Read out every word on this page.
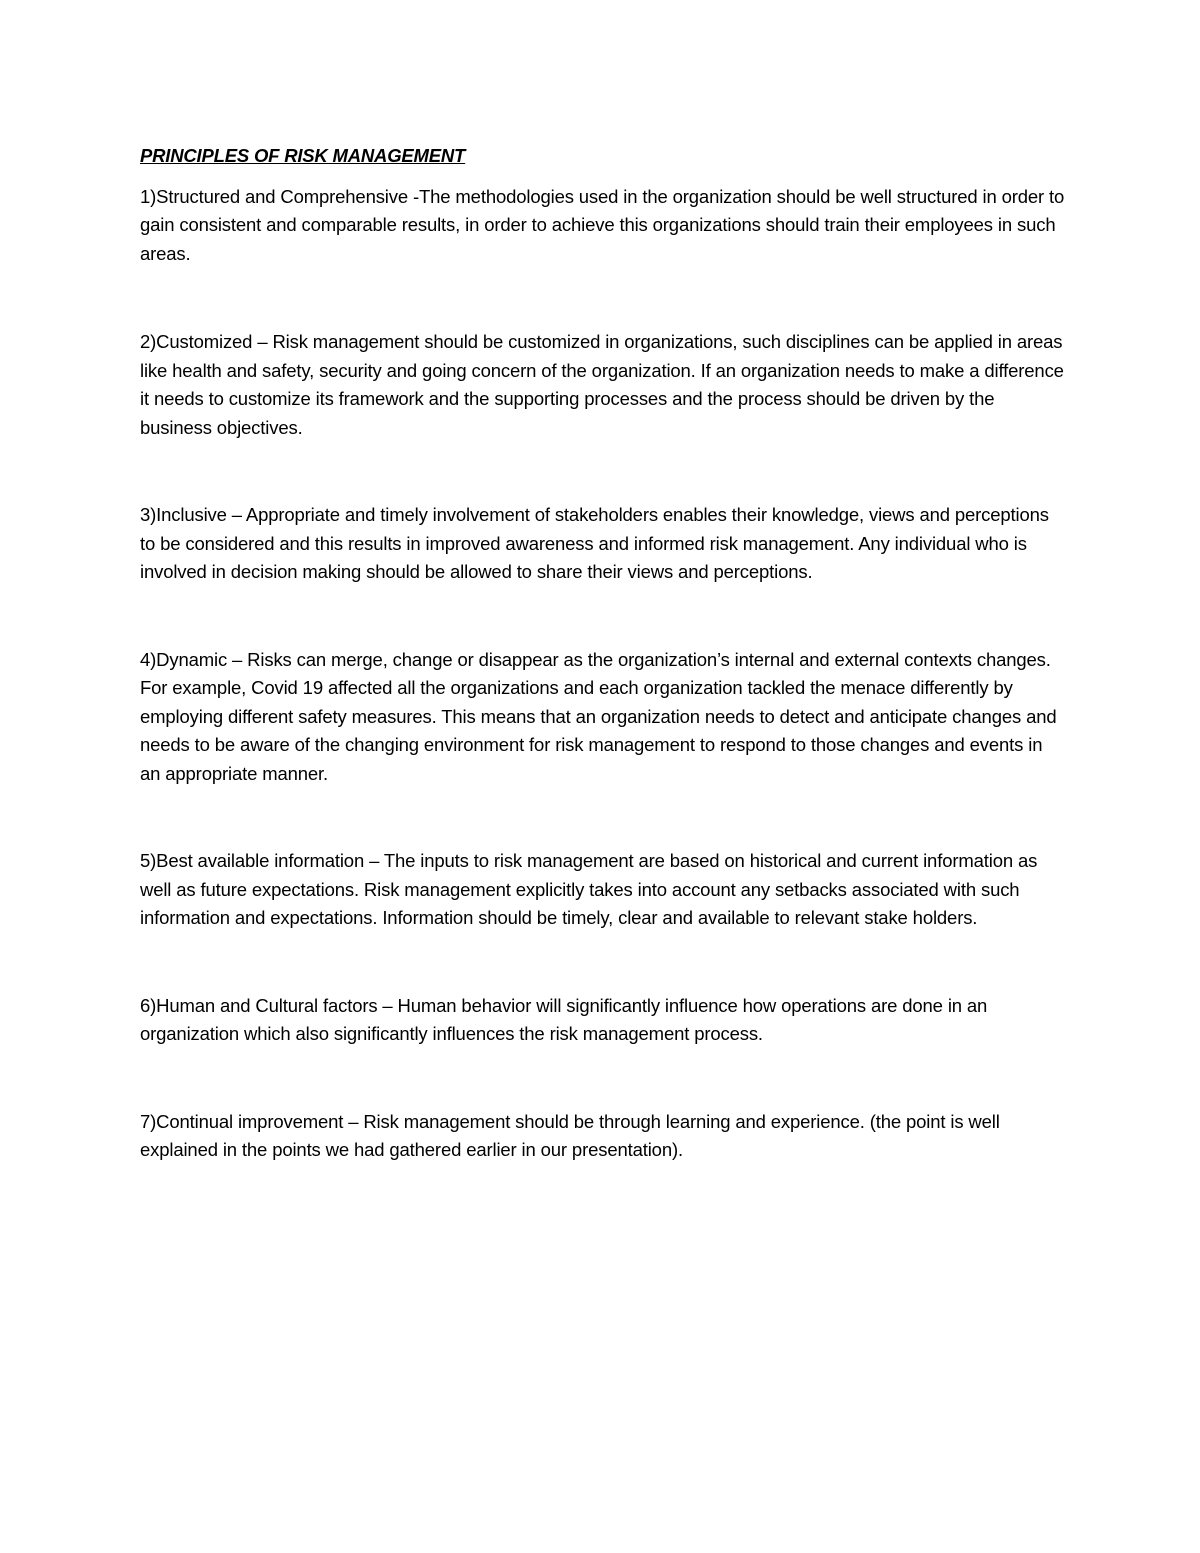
PRINCIPLES OF RISK MANAGEMENT

1)Structured and Comprehensive -The methodologies used in the organization should be well structured in order to gain consistent and comparable results, in order to achieve this organizations should train their employees in such areas.

2)Customized – Risk management should be customized in organizations, such disciplines can be applied in areas like health and safety, security and going concern of the organization. If an organization needs to make a difference it needs to customize its framework and the supporting processes and the process should be driven by the business objectives.

3)Inclusive – Appropriate and timely involvement of stakeholders enables their knowledge, views and perceptions to be considered and this results in improved awareness and informed risk management. Any individual who is involved in decision making should be allowed to share their views and perceptions.

4)Dynamic – Risks can merge, change or disappear as the organization’s internal and external contexts changes. For example, Covid 19 affected all the organizations and each organization tackled the menace differently by employing different safety measures. This means that an organization needs to detect and anticipate changes and needs to be aware of the changing environment for risk management to respond to those changes and events in an appropriate manner.

5)Best available information – The inputs to risk management are based on historical and current information as well as future expectations. Risk management explicitly takes into account any setbacks associated with such information and expectations. Information should be timely, clear and available to relevant stake holders.

6)Human and Cultural factors – Human behavior will significantly influence how operations are done in an organization which also significantly influences the risk management process.

7)Continual improvement – Risk management should be through learning and experience. (the point is well explained in the points we had gathered earlier in our presentation).
